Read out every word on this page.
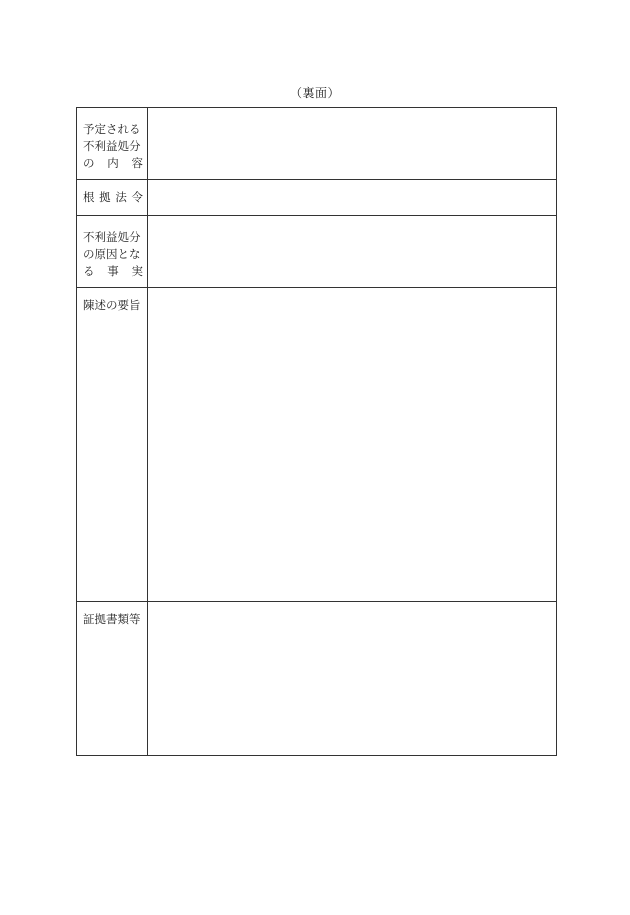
（裏面）
予定される
不利益処分
の 内 容	

根 拠 法 令	

不利益処分
の原因とな
る 事 実	

陳述の要旨	

証拠書類等	
